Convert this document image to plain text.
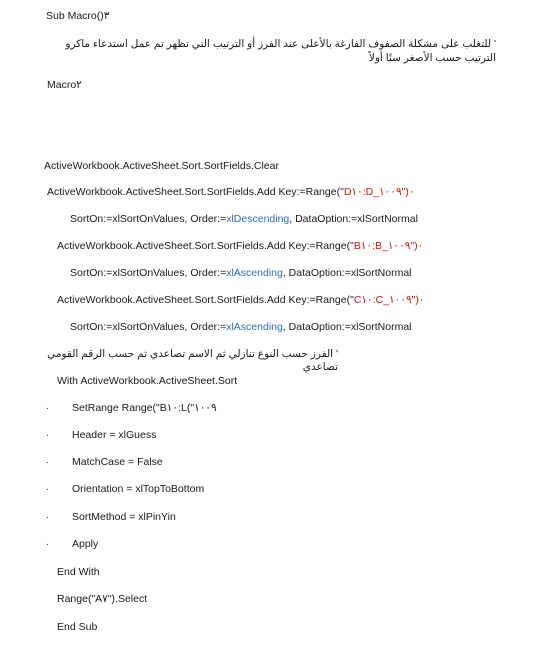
Sub Macro()٣
' للتغلب على مشكلة الصفوف الفارغة بالأعلى عند الفرز أو الترتيب التي تظهر تم عمل استدعاء ماكرو الترتيب حسب الأصغر سنًا أولاً
Macro٢
ActiveWorkbook.ActiveSheet.Sort.SortFields.Clear
ActiveWorkbook.ActiveSheet.Sort.SortFields.Add Key:=Range("D١٠:D_٠("١٠٠٩
SortOn:=xlSortOnValues, Order:=xlDescending, DataOption:=xlSortNormal
ActiveWorkbook.ActiveSheet.Sort.SortFields.Add Key:=Range("B١٠:B_٠("١٠٠٩
SortOn:=xlSortOnValues, Order:=xlAscending, DataOption:=xlSortNormal
ActiveWorkbook.ActiveSheet.Sort.SortFields.Add Key:=Range("C١٠:C_٠("١٠٠٩
SortOn:=xlSortOnValues, Order:=xlAscending, DataOption:=xlSortNormal
' الفرز حسب النوع تنازلي ثم الاسم تصاعدي ثم حسب الرقم القومي تصاعدي
With ActiveWorkbook.ActiveSheet.Sort
. SetRange Range("B١٠:L("١٠٠٩
. Header = xlGuess
. MatchCase = False
. Orientation = xlTopToBottom
. SortMethod = xlPinYin
. Apply
End With
Range("A٧").Select
End Sub
